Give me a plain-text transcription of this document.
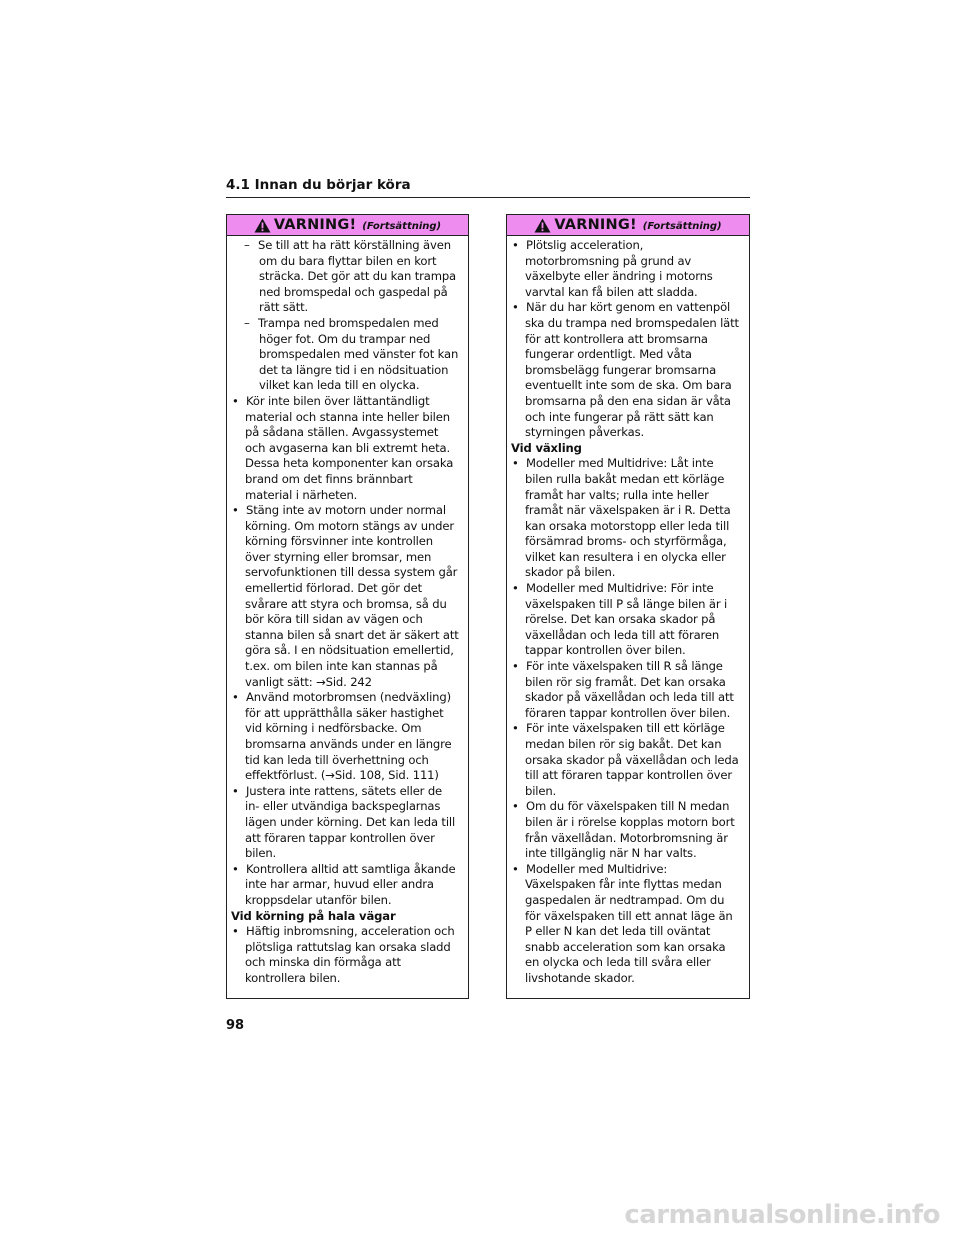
4.1 Innan du börjar köra
VARNING! (Fortsättning)
– Se till att ha rätt körställning även
om du bara flyttar bilen en kort
sträcka. Det gör att du kan trampa
ned bromspedal och gaspedal på
rätt sätt.
– Trampa ned bromspedalen med
höger fot. Om du trampar ned
bromspedalen med vänster fot kan
det ta längre tid i en nödsituation
vilket kan leda till en olycka.
• Kör inte bilen över lättantändligt
material och stanna inte heller bilen
på sådana ställen. Avgassystemet
och avgaserna kan bli extremt heta.
Dessa heta komponenter kan orsaka
brand om det finns brännbart
material i närheten.
• Stäng inte av motorn under normal
körning. Om motorn stängs av under
körning försvinner inte kontrollen
över styrning eller bromsar, men
servofunktionen till dessa system går
emellertid förlorad. Det gör det
svårare att styra och bromsa, så du
bör köra till sidan av vägen och
stanna bilen så snart det är säkert att
göra så. I en nödsituation emellertid,
t.ex. om bilen inte kan stannas på
vanligt sätt: →Sid. 242
• Använd motorbromsen (nedväxling)
för att upprätthålla säker hastighet
vid körning i nedförsbacke. Om
bromsarna används under en längre
tid kan leda till överhettning och
effektförlust. (→Sid. 108, Sid. 111)
• Justera inte rattens, sätets eller de
in- eller utvändiga backspeglarnas
lägen under körning. Det kan leda till
att föraren tappar kontrollen över
bilen.
• Kontrollera alltid att samtliga åkande
inte har armar, huvud eller andra
kroppsdelar utanför bilen.
Vid körning på hala vägar
• Häftig inbromsning, acceleration och
plötsliga rattutslag kan orsaka sladd
och minska din förmåga att
kontrollera bilen.
VARNING! (Fortsättning)
• Plötslig acceleration,
motorbromsning på grund av
växelbyte eller ändring i motorns
varvtal kan få bilen att sladda.
• När du har kört genom en vattenpöl
ska du trampa ned bromspedalen lätt
för att kontrollera att bromsarna
fungerar ordentligt. Med våta
bromsbelägg fungerar bromsarna
eventuellt inte som de ska. Om bara
bromsarna på den ena sidan är våta
och inte fungerar på rätt sätt kan
styrningen påverkas.
Vid växling
• Modeller med Multidrive: Låt inte
bilen rulla bakåt medan ett körläge
framåt har valts; rulla inte heller
framåt när växelspaken är i R. Detta
kan orsaka motorstopp eller leda till
försämrad broms- och styrförmåga,
vilket kan resultera i en olycka eller
skador på bilen.
• Modeller med Multidrive: För inte
växelspaken till P så länge bilen är i
rörelse. Det kan orsaka skador på
växellådan och leda till att föraren
tappar kontrollen över bilen.
• För inte växelspaken till R så länge
bilen rör sig framåt. Det kan orsaka
skador på växellådan och leda till att
föraren tappar kontrollen över bilen.
• För inte växelspaken till ett körläge
medan bilen rör sig bakåt. Det kan
orsaka skador på växellådan och leda
till att föraren tappar kontrollen över
bilen.
• Om du för växelspaken till N medan
bilen är i rörelse kopplas motorn bort
från växellådan. Motorbromsning är
inte tillgänglig när N har valts.
• Modeller med Multidrive:
Växelspaken får inte flyttas medan
gaspedalen är nedtrampad. Om du
för växelspaken till ett annat läge än
P eller N kan det leda till oväntat
snabb acceleration som kan orsaka
en olycka och leda till svåra eller
livshotande skador.
98
carmanualsonline.info
